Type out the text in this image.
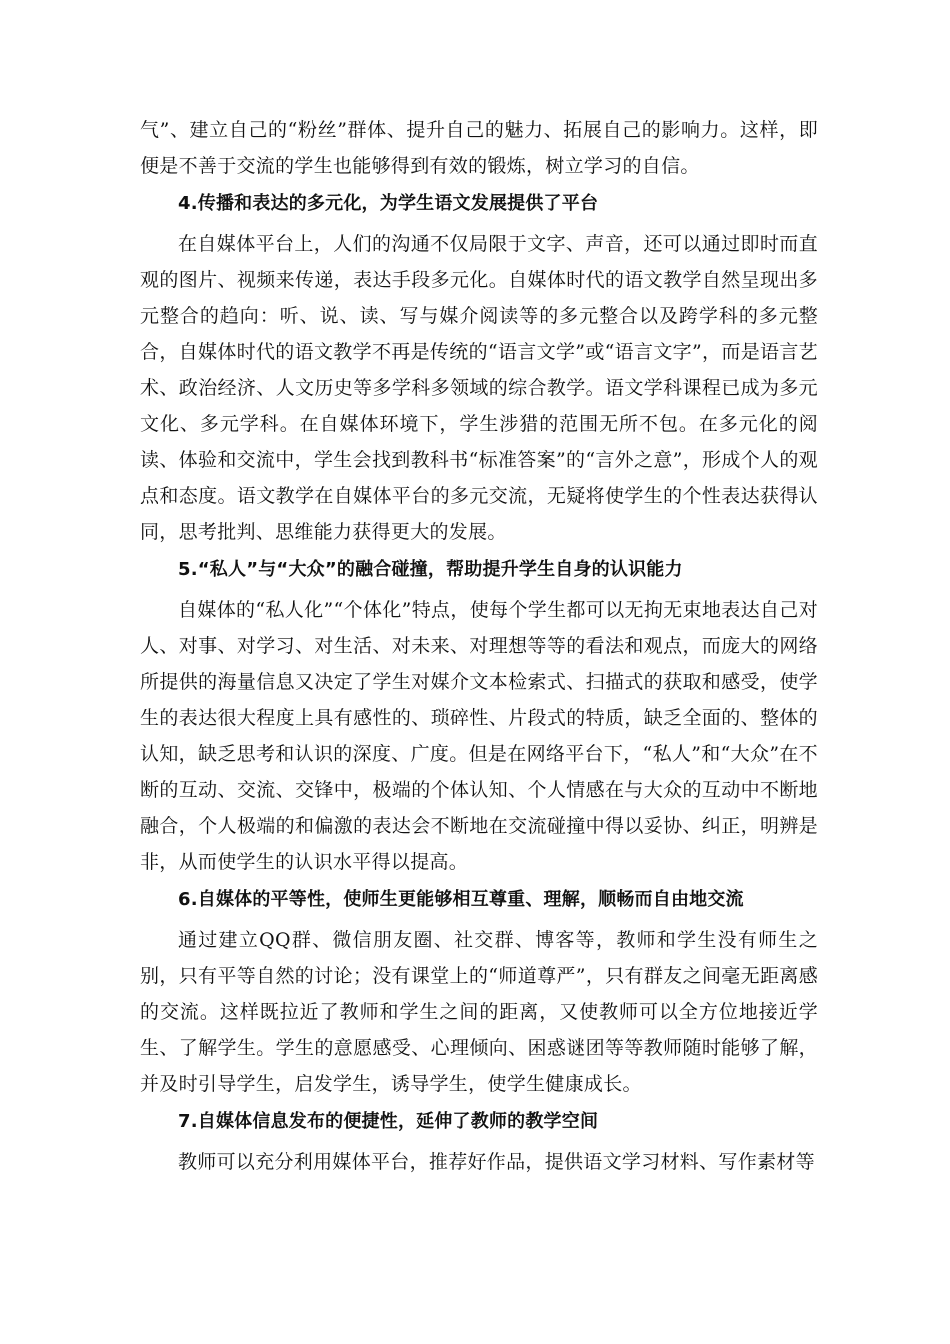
气”、建立自己的“粉丝”群体、提升自己的魅力、拓展自己的影响力。这样，即便是不善于交流的学生也能够得到有效的锻炼，树立学习的自信。

4.传播和表达的多元化，为学生语文发展提供了平台

在自媒体平台上，人们的沟通不仅局限于文字、声音，还可以通过即时而直观的图片、视频来传递，表达手段多元化。自媒体时代的语文教学自然呈现出多元整合的趋向：听、说、读、写与媒介阅读等的多元整合以及跨学科的多元整合，自媒体时代的语文教学不再是传统的“语言文学”或“语言文字”，而是语言艺术、政治经济、人文历史等多学科多领域的综合教学。语文学科课程已成为多元文化、多元学科。在自媒体环境下，学生涉猎的范围无所不包。在多元化的阅读、体验和交流中，学生会找到教科书“标准答案”的“言外之意”，形成个人的观点和态度。语文教学在自媒体平台的多元交流，无疑将使学生的个性表达获得认同，思考批判、思维能力获得更大的发展。

5.“私人”与“大众”的融合碰撞，帮助提升学生自身的认识能力

自媒体的“私人化”“个体化”特点，使每个学生都可以无拘无束地表达自己对人、对事、对学习、对生活、对未来、对理想等等的看法和观点，而庞大的网络所提供的海量信息又决定了学生对媒介文本检索式、扫描式的获取和感受，使学生的表达很大程度上具有感性的、琐碎性、片段式的特质，缺乏全面的、整体的认知，缺乏思考和认识的深度、广度。但是在网络平台下，“私人”和“大众”在不断的互动、交流、交锋中，极端的个体认知、个人情感在与大众的互动中不断地融合，个人极端的和偏激的表达会不断地在交流碰撞中得以妥协、纠正，明辨是非，从而使学生的认识水平得以提高。

6.自媒体的平等性，使师生更能够相互尊重、理解，顺畅而自由地交流

通过建立QQ群、微信朋友圈、社交群、博客等，教师和学生没有师生之别，只有平等自然的讨论；没有课堂上的“师道尊严”，只有群友之间毫无距离感的交流。这样既拉近了教师和学生之间的距离，又使教师可以全方位地接近学生、了解学生。学生的意愿感受、心理倾向、困惑谜团等等教师随时能够了解，并及时引导学生，启发学生，诱导学生，使学生健康成长。

7.自媒体信息发布的便捷性，延伸了教师的教学空间

教师可以充分利用媒体平台，推荐好作品，提供语文学习材料、写作素材等
